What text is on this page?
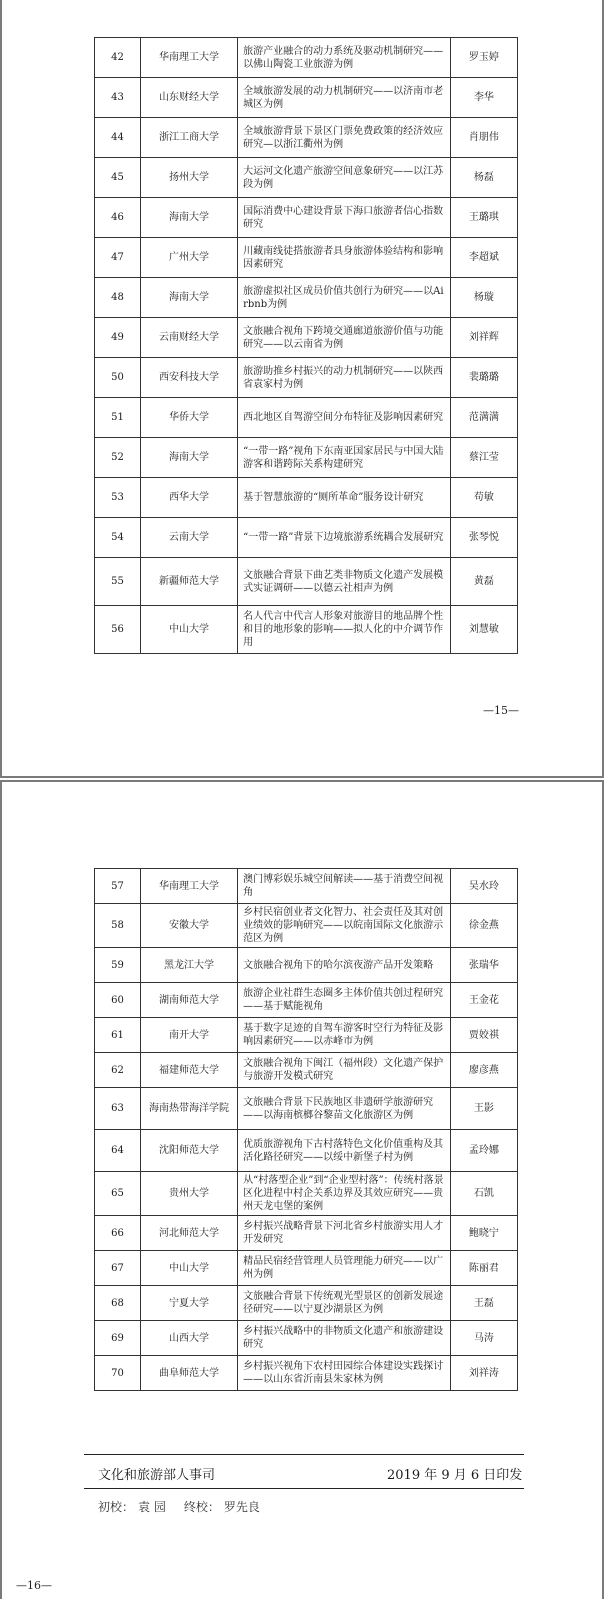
42	华南理工大学	旅游产业融合的动力系统及驱动机制研究——以佛山陶瓷工业旅游为例	罗玉婷
43	山东财经大学	全域旅游发展的动力机制研究——以济南市老城区为例	李华
44	浙江工商大学	全域旅游背景下景区门票免费政策的经济效应研究—以浙江衢州为例	肖朋伟
45	扬州大学	大运河文化遗产旅游空间意象研究——以江苏段为例	杨磊
46	海南大学	国际消费中心建设背景下海口旅游者信心指数研究	王璐琪
47	广州大学	川藏南线徒搭旅游者具身旅游体验结构和影响因素研究	李超斌
48	海南大学	旅游虚拟社区成员价值共创行为研究——以Airbnb为例	杨璇
49	云南财经大学	文旅融合视角下跨境交通廊道旅游价值与功能研究——以云南省为例	刘祥辉
50	西安科技大学	旅游助推乡村振兴的动力机制研究——以陕西省袁家村为例	裴璐璐
51	华侨大学	西北地区自驾游空间分布特征及影响因素研究	范满满
52	海南大学	“一带一路”视角下东南亚国家居民与中国大陆游客和谐跨际关系构建研究	蔡江莹
53	西华大学	基于智慧旅游的“厕所革命”服务设计研究	苟敏
54	云南大学	“一带一路”背景下边境旅游系统耦合发展研究	张琴悦
55	新疆师范大学	文旅融合背景下曲艺类非物质文化遗产发展模式实证调研——以德云社相声为例	黄磊
56	中山大学	名人代言中代言人形象对旅游目的地品牌个性和目的地形象的影响——拟人化的中介调节作用	刘慧敏
—15—
57	华南理工大学	澳门博彩娱乐城空间解读——基于消费空间视角	吴水玲
58	安徽大学	乡村民宿创业者文化智力、社会责任及其对创业绩效的影响研究——以皖南国际文化旅游示范区为例	徐金燕
59	黑龙江大学	文旅融合视角下的哈尔滨夜游产品开发策略	张瑞华
60	湖南师范大学	旅游企业社群生态圈多主体价值共创过程研究——基于赋能视角	王金花
61	南开大学	基于数字足迹的自驾车游客时空行为特征及影响因素研究——以赤峰市为例	贾姣祺
62	福建师范大学	文旅融合视角下闽江（福州段）文化遗产保护与旅游开发模式研究	廖彦燕
63	海南热带海洋学院	文旅融合背景下民族地区非遗研学旅游研究——以海南槟榔谷黎苗文化旅游区为例	王影
64	沈阳师范大学	优质旅游视角下古村落特色文化价值重构及其活化路径研究——以绥中新堡子村为例	孟玲娜
65	贵州大学	从“村落型企业”到“企业型村落”：传统村落景区化进程中村企关系边界及其效应研究——贵州天龙屯堡的案例	石凯
66	河北师范大学	乡村振兴战略背景下河北省乡村旅游实用人才开发研究	鲍晓宁
67	中山大学	精品民宿经营管理人员管理能力研究——以广州为例	陈丽君
68	宁夏大学	文旅融合背景下传统观光型景区的创新发展途径研究——以宁夏沙湖景区为例	王磊
69	山西大学	乡村振兴战略中的非物质文化遗产和旅游建设研究	马涛
70	曲阜师范大学	乡村振兴视角下农村田园综合体建设实践探讨——以山东省沂南县朱家林为例	刘祥涛
文化和旅游部人事司	2019 年 9 月 6 日印发
初校： 袁 园 终校： 罗先良
—16—
